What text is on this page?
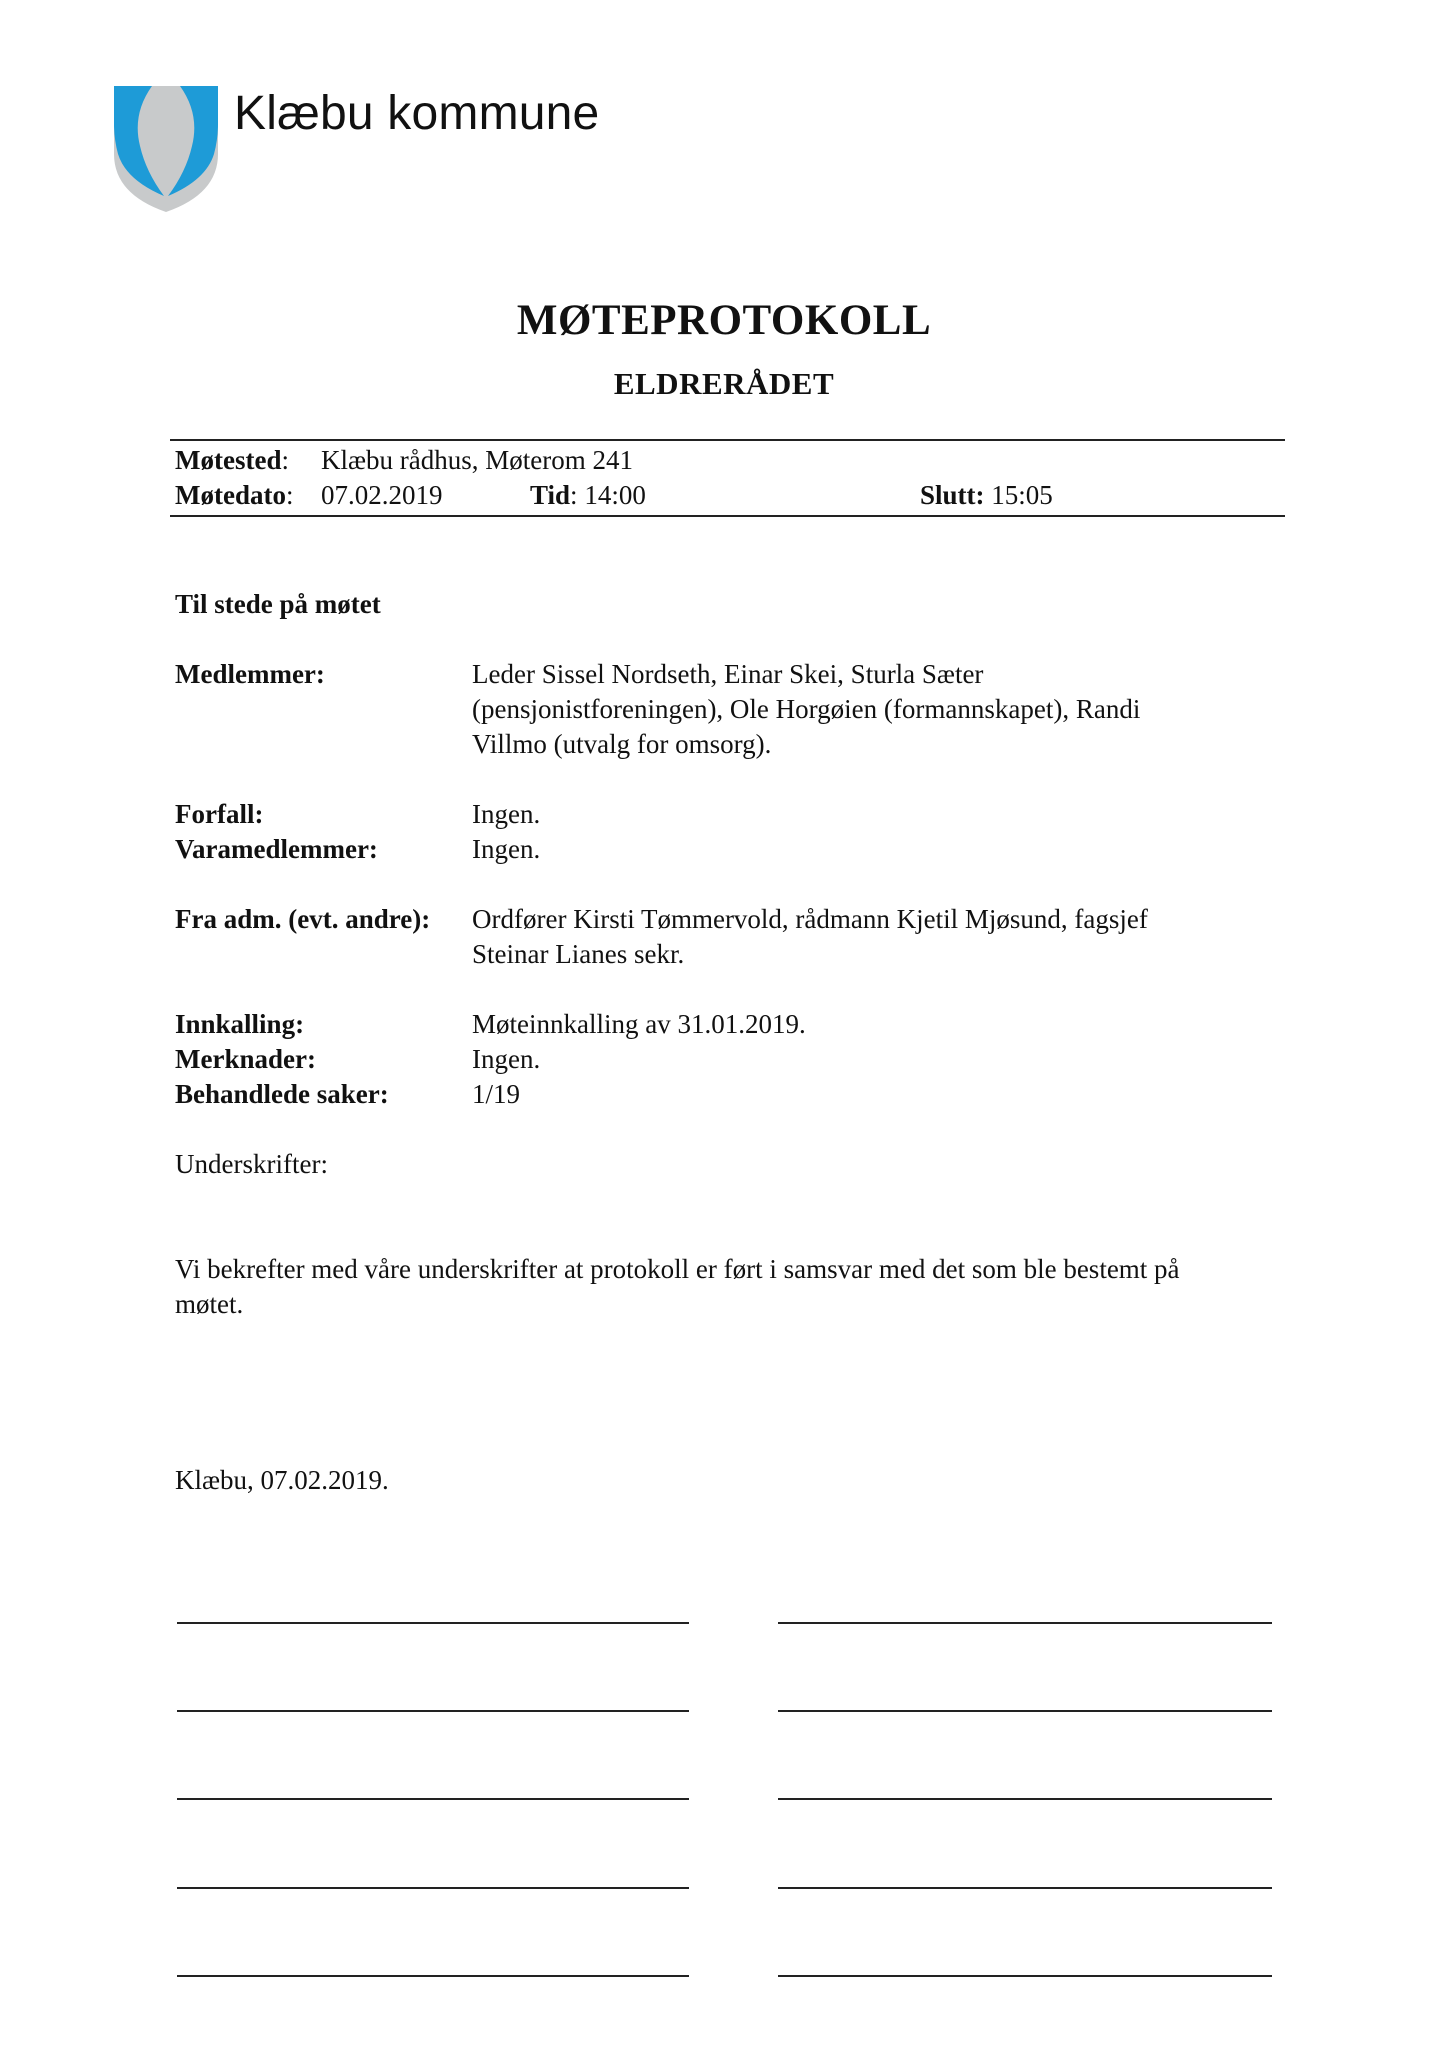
Klæbu kommune
MØTEPROTOKOLL
ELDRERÅDET
Møtested: Klæbu rådhus, Møterom 241
Møtedato: 07.02.2019	Tid: 14:00	Slutt: 15:05
Til stede på møtet
Medlemmer:	Leder Sissel Nordseth, Einar Skei, Sturla Sæter
(pensjonistforeningen), Ole Horgøien (formannskapet), Randi
Villmo (utvalg for omsorg).
Forfall:	Ingen.
Varamedlemmer:	Ingen.
Fra adm. (evt. andre): Ordfører Kirsti Tømmervold, rådmann Kjetil Mjøsund, fagsjef
Steinar Lianes sekr.
Innkalling:	Møteinnkalling av 31.01.2019.
Merknader:	Ingen.
Behandlede saker:	1/19
Underskrifter:
Vi bekrefter med våre underskrifter at protokoll er ført i samsvar med det som ble bestemt på
møtet.
Klæbu, 07.02.2019.
